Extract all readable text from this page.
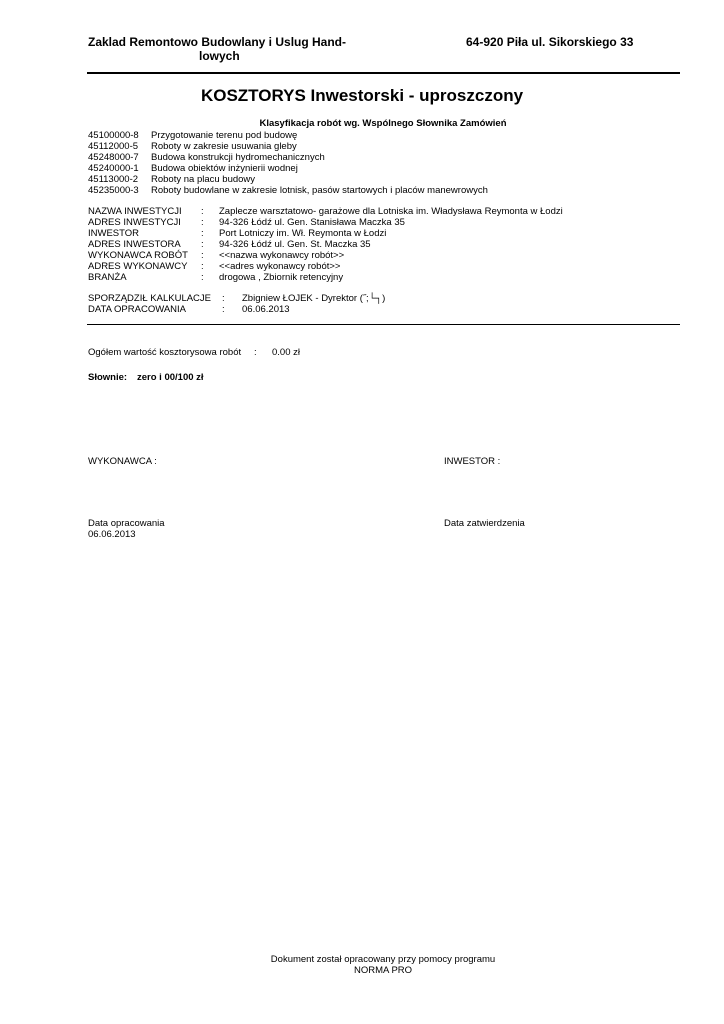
Zaklad Remontowo Budowlany i Uslug Hand-
lowych
64-920 Piła ul. Sikorskiego 33
KOSZTORYS Inwestorski - uproszczony
Klasyfikacja robót wg. Wspólnego Słownika Zamówień
45100000-8 Przygotowanie terenu pod budowę
45112000-5 Roboty w zakresie usuwania gleby
45248000-7 Budowa konstrukcji hydromechanicznych
45240000-1 Budowa obiektów inżynierii wodnej
45113000-2 Roboty na placu budowy
45235000-3 Roboty budowlane w zakresie lotnisk, pasów startowych i placów manewrowych
NAZWA INWESTYCJI : Zaplecze warsztatowo- garażowe dla Lotniska im. Władysława Reymonta w Łodzi
ADRES INWESTYCJI : 94-326 Łódź ul. Gen. Stanisława Maczka 35
INWESTOR	: Port Lotniczy im. Wł. Reymonta w Łodzi
ADRES INWESTORA : 94-326 Łódź ul. Gen. St. Maczka 35
WYKONAWCA ROBÓT : <<nazwa wykonawcy robót>>
ADRES WYKONAWCY : <<adres wykonawcy robót>>
BRANŻA	: drogowa , Zbiornik retencyjny
SPORZĄDZIŁ KALKULACJE : Zbigniew ŁOJEK - Dyrektor (˝;└┐)
DATA OPRACOWANIA	: 06.06.2013
Ogółem wartość kosztorysowa robót : 0.00 zł
Słownie: zero i 00/100 zł
WYKONAWCA :	INWESTOR :
Data opracowania
06.06.2013
Data zatwierdzenia
Dokument został opracowany przy pomocy programu
NORMA PRO
